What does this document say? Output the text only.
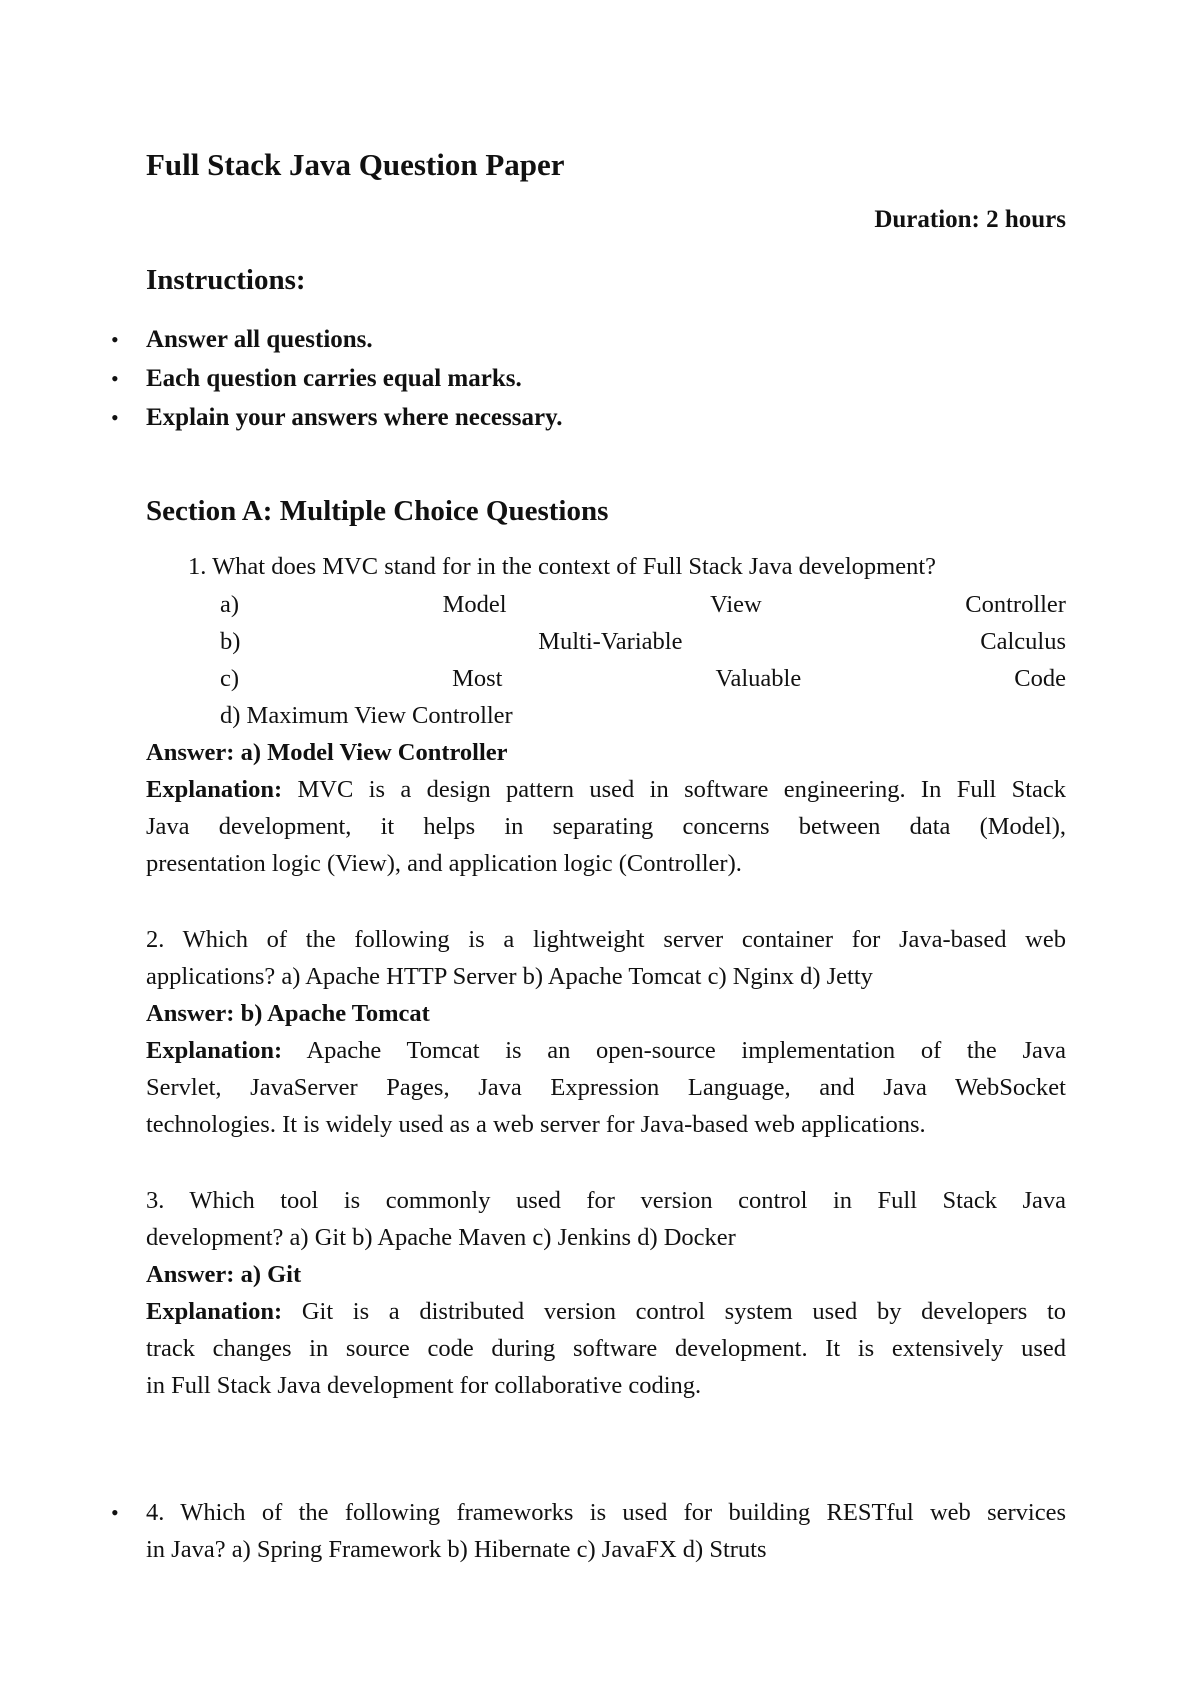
Full Stack Java Question Paper
Duration: 2 hours
Instructions:
• Answer all questions.
• Each question carries equal marks.
• Explain your answers where necessary.
Section A: Multiple Choice Questions
1. What does MVC stand for in the context of Full Stack Java development?
a)	Model	View	Controller
b)	Multi-Variable	Calculus
c)	Most	Valuable	Code
d) Maximum View Controller
Answer: a) Model View Controller
Explanation: MVC is a design pattern used in software engineering. In Full Stack
Java development, it helps in separating concerns between data (Model),
presentation logic (View), and application logic (Controller).
2. Which of the following is a lightweight server container for Java-based web
applications? a) Apache HTTP Server b) Apache Tomcat c) Nginx d) Jetty
Answer: b) Apache Tomcat
Explanation: Apache Tomcat is an open-source implementation of the Java
Servlet, JavaServer Pages, Java Expression Language, and Java WebSocket
technologies. It is widely used as a web server for Java-based web applications.
3. Which tool is commonly used for version control in Full Stack Java
development? a) Git b) Apache Maven c) Jenkins d) Docker
Answer: a) Git
Explanation: Git is a distributed version control system used by developers to
track changes in source code during software development. It is extensively used
in Full Stack Java development for collaborative coding.
• 4. Which of the following frameworks is used for building RESTful web services
in Java? a) Spring Framework b) Hibernate c) JavaFX d) Struts
